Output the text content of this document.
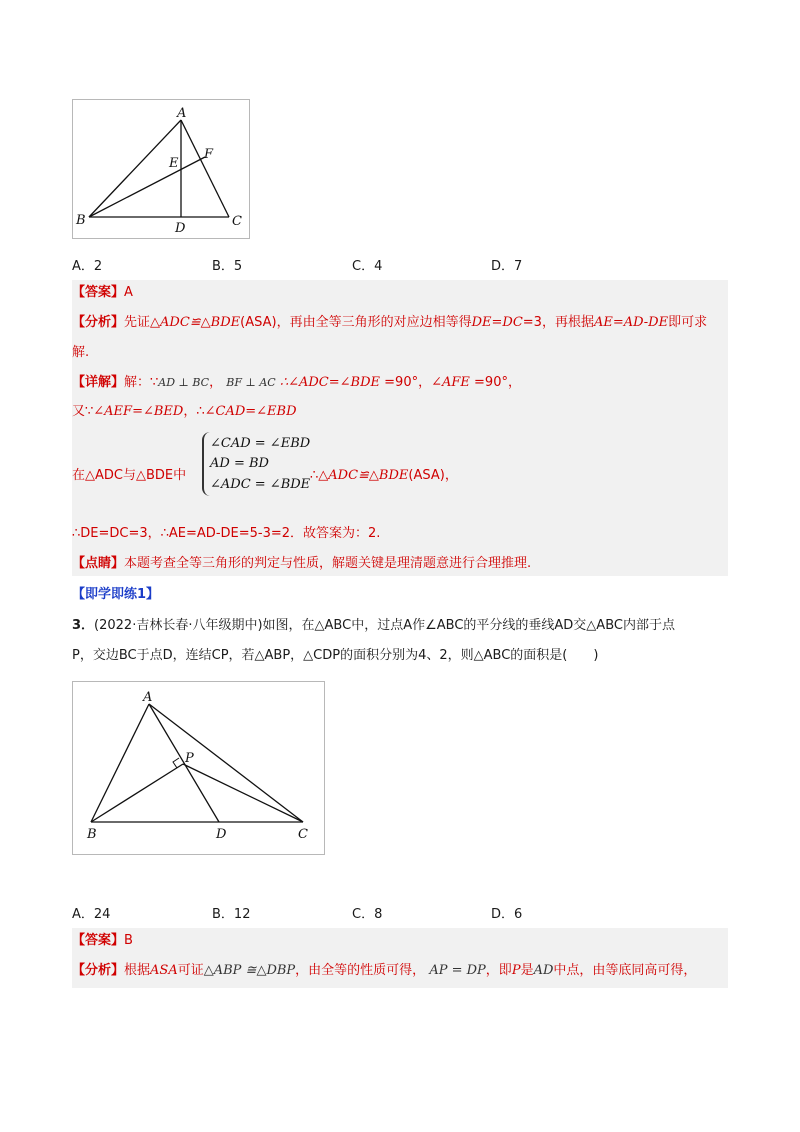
A
B	C
D
E
F
A．2	B．5	C．4	D．7
【答案】A
【分析】先证△ADC≌△BDE(ASA)，再由全等三角形的对应边相等得DE=DC=3，再根据AE=AD-DE即可求
解.
【详解】解：∵AD ⊥ BC， BF ⊥ AC ∴∠ADC=∠BDE =90°，∠AFE =90°，
又∵∠AEF=∠BED，∴∠CAD=∠EBD
在△ADC与△BDE中
∠CAD = ∠EBD
AD = BD
∠ADC = ∠BDE
∴△ADC≌△BDE(ASA)，
∴DE=DC=3，∴AE=AD-DE=5-3=2．故答案为：2.
【点睛】本题考查全等三角形的判定与性质，解题关键是理清题意进行合理推理.
【即学即练1】
3．(2022·吉林长春·八年级期中)如图，在△ABC中，过点A作∠ABC的平分线的垂线AD交△ABC内部于点
P，交边BC于点D，连结CP，若△ABP，△CDP的面积分别为4、2，则△ABC的面积是(　　)
A
B	C
D
P
A．24	B．12	C．8	D．6
【答案】B
【分析】根据ASA可证△ABP ≅△DBP，由全等的性质可得， AP = DP，即P是AD中点，由等底同高可得，
